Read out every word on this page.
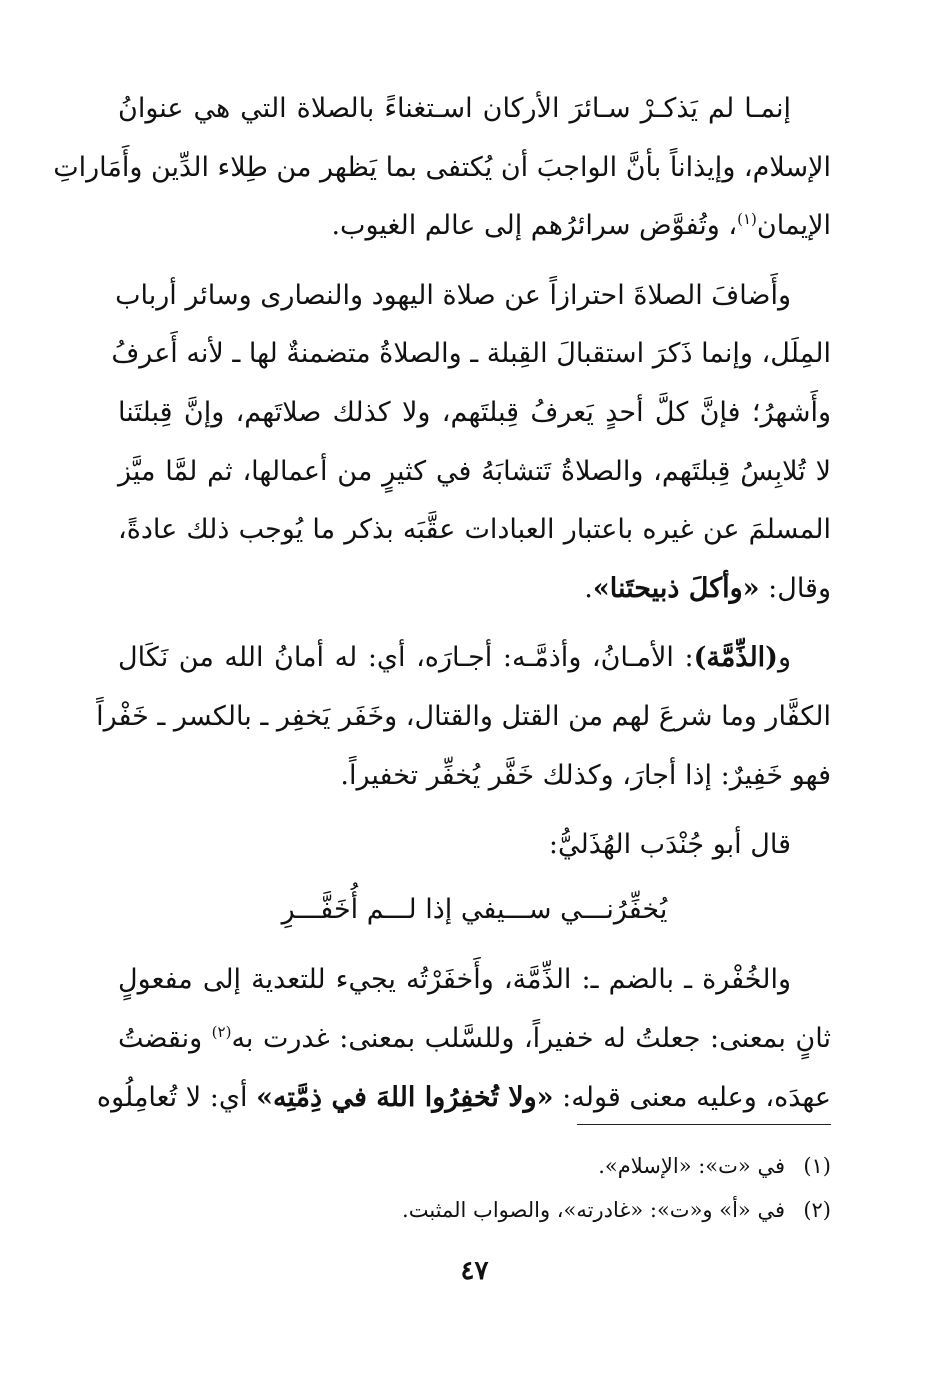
إنمـا لم يَذكـرْ سـائرَ الأركان اسـتغناءً بالصلاة التي هي عنوانُ
الإسلام، وإيذاناً بأنَّ الواجبَ أن يُكتفى بما يَظهر من طِلاء الدِّين وأَمَاراتِ
الإيمان$^{(١)}$، وتُفوَّض سرائرُهم إلى عالم الغيوب.
وأَضافَ الصلاةَ احترازاً عن صلاة اليهود والنصارى وسائر أرباب
المِلَل، وإنما ذَكرَ استقبالَ القِبلة ـ والصلاةُ متضمنةٌ لها ـ لأنه أَعرفُ
وأَشهرُ؛ فإنَّ كلَّ أحدٍ يَعرفُ قِبلتَهم، ولا كذلك صلاتَهم، وإنَّ قِبلتَنا
لا تُلابِسُ قِبلتَهم، والصلاةُ تَتشابَهُ في كثيرٍ من أعمالها، ثم لمَّا ميَّز
المسلمَ عن غيره باعتبار العبادات عقَّبَه بذكر ما يُوجب ذلك عادةً،
وقال: «وأكلَ ذبيحتَنا».
و(الذِّمَّة): الأمـانُ، وأذمَّـه: أجـارَه، أي: له أمانُ الله من نَكَال
الكفَّار وما شرعَ لهم من القتل والقتال، وخَفَر يَخفِر ـ بالكسر ـ خَفْراً
فهو خَفِيرٌ: إذا أجارَ، وكذلك خَفَّر يُخفِّر تخفيراً.
قال أبو جُنْدَب الهُذَليُّ:
يُخفِّرُنـــي ســـيفي إذا لـــم أُخَفَّـــرِ
والخُفْرة ـ بالضم ـ: الذِّمَّة، وأَخفَرْتُه يجيء للتعدية إلى مفعولٍ
ثانٍ بمعنى: جعلتُ له خفيراً، وللسَّلب بمعنى: غدرت به$^{(٢)}$ ونقضتُ
عهدَه، وعليه معنى قوله: «ولا تُخفِرُوا اللهَ في ذِمَّتِه» أي: لا تُعامِلُوه
(١)في «ت»: «الإسلام».
(٢)في «أ» و«ت»: «غادرته»، والصواب المثبت.
٤٧
